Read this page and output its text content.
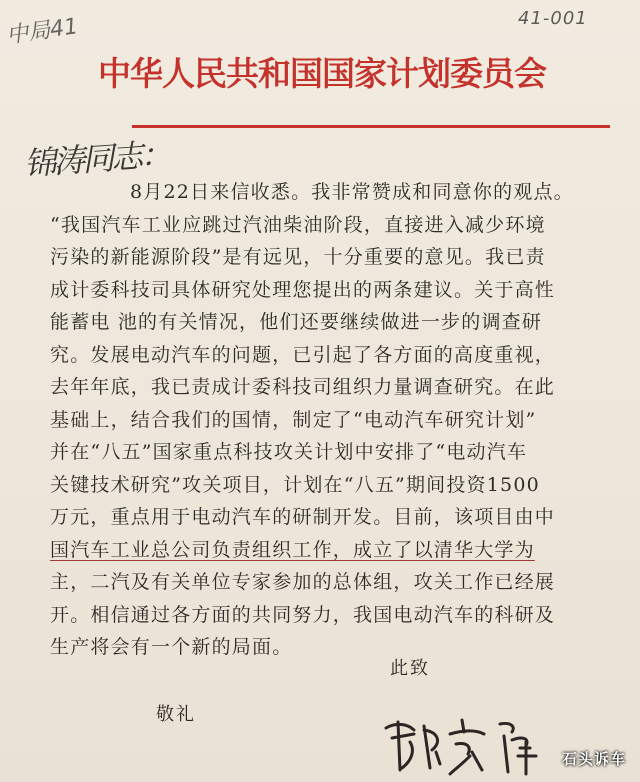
中局41	41-001
中华人民共和国国家计划委员会
锦涛同志：
8月22日来信收悉。我非常赞成和同意你的观点。
“我国汽车工业应跳过汽油柴油阶段，直接进入减少环境
污染的新能源阶段”是有远见，十分重要的意见。我已责
成计委科技司具体研究处理您提出的两条建议。关于高性
能蓄电 池的有关情况，他们还要继续做进一步的调查研
究。发展电动汽车的问题，已引起了各方面的高度重视，
去年年底，我已责成计委科技司组织力量调查研究。在此
基础上，结合我们的国情，制定了“电动汽车研究计划”
并在“八五”国家重点科技攻关计划中安排了“电动汽车
关键技术研究”攻关项目，计划在“八五”期间投资1500
万元，重点用于电动汽车的研制开发。目前，该项目由中
国汽车工业总公司负责组织工作，成立了以清华大学为
主，二汽及有关单位专家参加的总体组，攻关工作已经展
开。相信通过各方面的共同努力，我国电动汽车的科研及
生产将会有一个新的局面。
此致
敬礼
石头诉车
